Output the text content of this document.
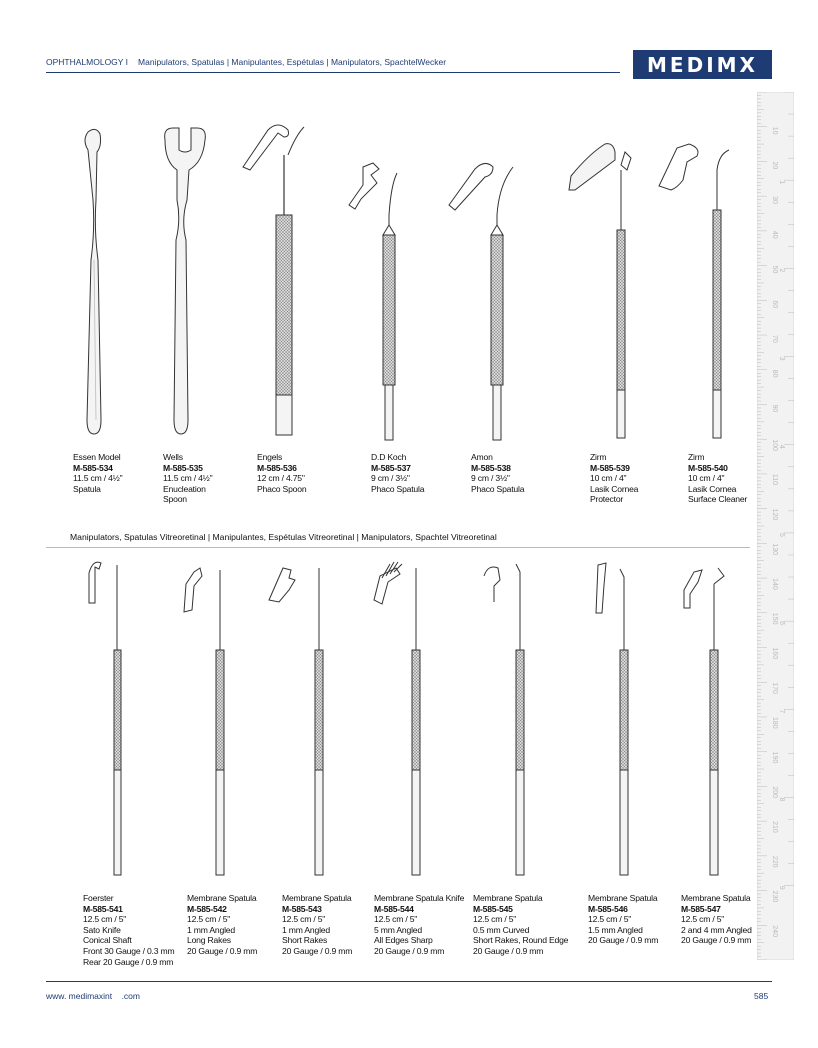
OPHTHALMOLOGY I Manipulators, Spatulas | Manipulantes, Espétulas | Manipulators, SpachtelWecker	MEDIMX
10
20
30
40
50
60
70
80
90
100
110
120
130
140
150
160
170
180
190
200
210
220
230
240
1
2
3
4
5
6
7
8
9
Essen Model
M-585-534
11.5 cm / 4½"
Spatula
Wells
M-585-535
11.5 cm / 4½"
Enucleation
Spoon
Engels
M-585-536
12 cm / 4.75"
Phaco Spoon
D.D Koch
M-585-537
9 cm / 3½"
Phaco Spatula
Amon
M-585-538
9 cm / 3½"
Phaco Spatula
Zirm
M-585-539
10 cm / 4"
Lasik Cornea
Protector
Zirm
M-585-540
10 cm / 4"
Lasik Cornea
Surface Cleaner
Manipulators, Spatulas Vitreoretinal | Manipulantes, Espétulas Vitreoretinal | Manipulators, Spachtel Vitreoretinal
Foerster
M-585-541
12.5 cm / 5"
Sato Knife
Conical Shaft
Front 30 Gauge / 0.3 mm
Rear 20 Gauge / 0.9 mm
Membrane Spatula
M-585-542
12.5 cm / 5"
1 mm Angled
Long Rakes
20 Gauge / 0.9 mm
Membrane Spatula
M-585-543
12.5 cm / 5"
1 mm Angled
Short Rakes
20 Gauge / 0.9 mm
Membrane Spatula Knife
M-585-544
12.5 cm / 5"
5 mm Angled
All Edges Sharp
20 Gauge / 0.9 mm
Membrane Spatula
M-585-545
12.5 cm / 5"
0.5 mm Curved
Short Rakes, Round Edge
20 Gauge / 0.9 mm
Membrane Spatula
M-585-546
12.5 cm / 5"
1.5 mm Angled
20 Gauge / 0.9 mm
Membrane Spatula
M-585-547
12.5 cm / 5"
2 and 4 mm Angled
20 Gauge / 0.9 mm
www. medimaxint    .com	585
